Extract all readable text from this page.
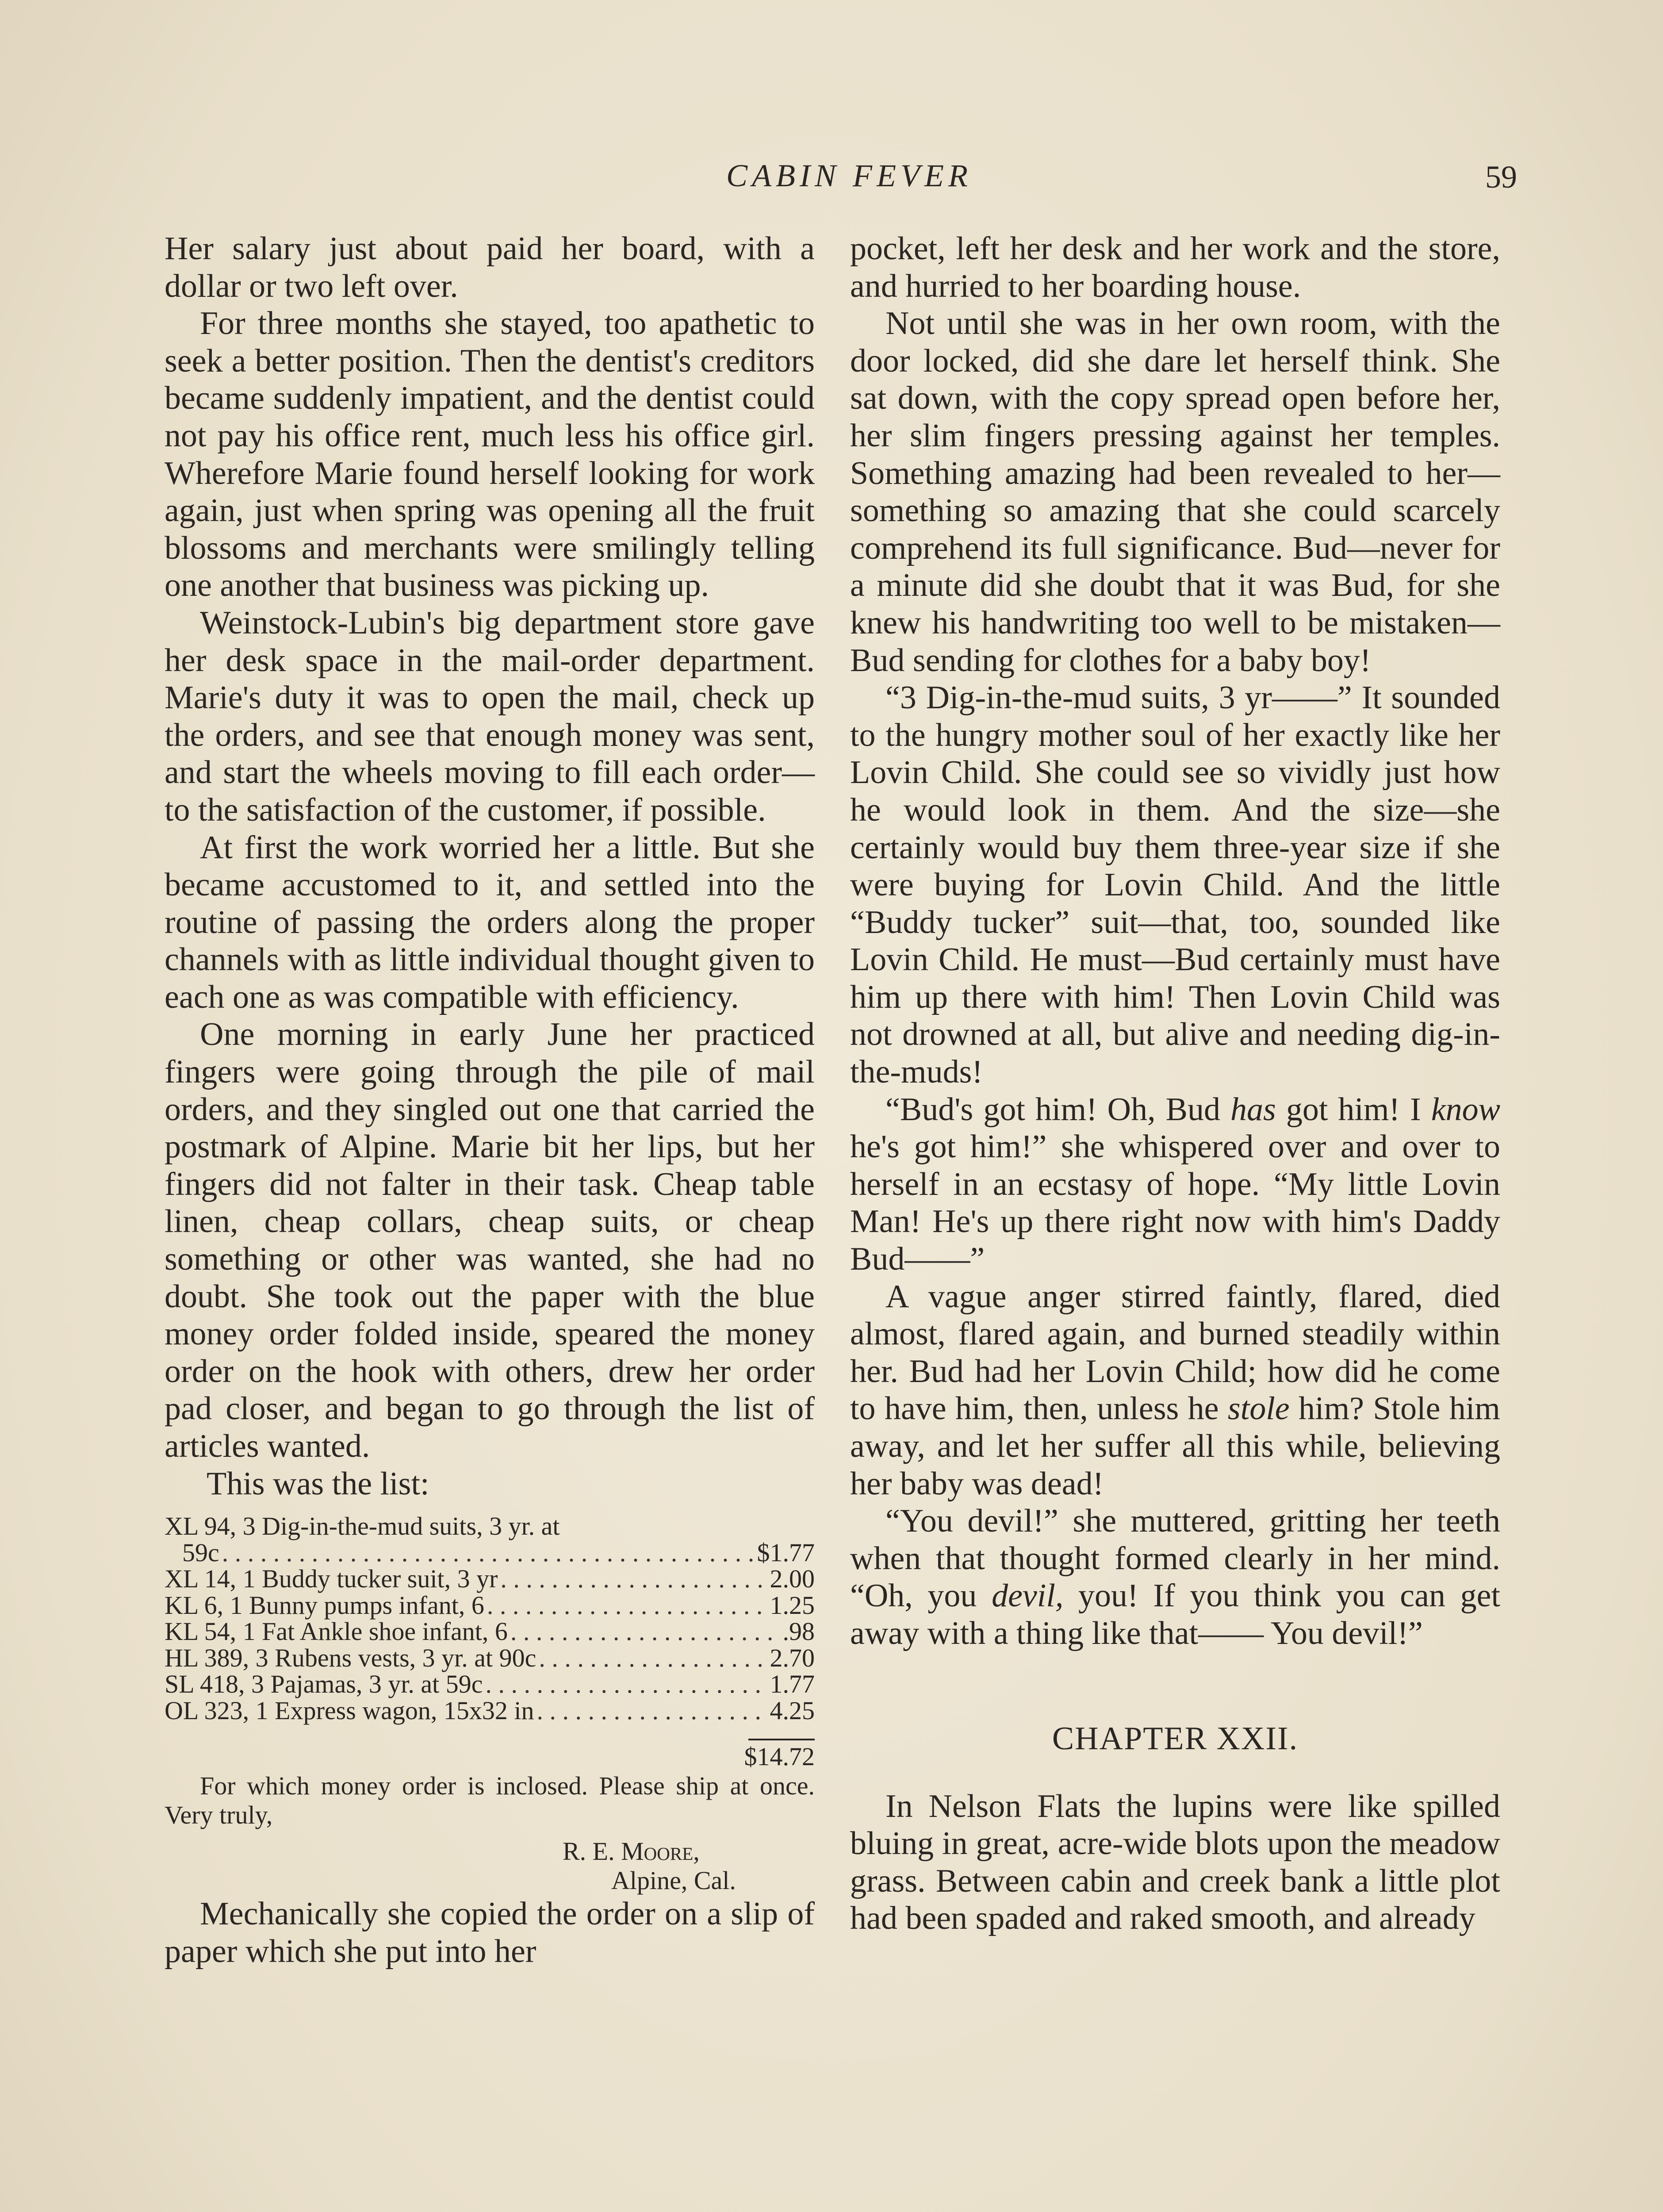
CABIN FEVER	59

Her salary just about paid her board, with a dollar or two left over.

For three months she stayed, too apathetic to seek a better position. Then the dentist's creditors became suddenly impatient, and the dentist could not pay his office rent, much less his office girl. Wherefore Marie found herself looking for work again, just when spring was opening all the fruit blossoms and merchants were smilingly telling one another that business was picking up.

Weinstock-Lubin's big department store gave her desk space in the mail-order department. Marie's duty it was to open the mail, check up the orders, and see that enough money was sent, and start the wheels moving to fill each order—to the satisfaction of the customer, if possible.

At first the work worried her a little. But she became accustomed to it, and settled into the routine of passing the orders along the proper channels with as little individual thought given to each one as was compatible with efficiency.

One morning in early June her practiced fingers were going through the pile of mail orders, and they singled out one that carried the postmark of Alpine. Marie bit her lips, but her fingers did not falter in their task. Cheap table linen, cheap collars, cheap suits, or cheap something or other was wanted, she had no doubt. She took out the paper with the blue money order folded inside, speared the money order on the hook with others, drew her order pad closer, and began to go through the list of articles wanted.

This was the list:

XL 94, 3 Dig-in-the-mud suits, 3 yr. at
59c . . .	$1.77
XL 14, 1 Buddy tucker suit, 3 yr . . .	2.00
KL 6, 1 Bunny pumps infant, 6 . . .	1.25
KL 54, 1 Fat Ankle shoe infant, 6 . . .	.98
HL 389, 3 Rubens vests, 3 yr. at 90c . . .	2.70
SL 418, 3 Pajamas, 3 yr. at 59c . . .	1.77
OL 323, 1 Express wagon, 15x32 in . . .	4.25
$14.72

For which money order is inclosed. Please ship at once. Very truly,

R. E. Moore,
Alpine, Cal.

Mechanically she copied the order on a slip of paper which she put into her

pocket, left her desk and her work and the store, and hurried to her boarding house.

Not until she was in her own room, with the door locked, did she dare let herself think. She sat down, with the copy spread open before her, her slim fingers pressing against her temples. Something amazing had been revealed to her—something so amazing that she could scarcely comprehend its full significance. Bud—never for a minute did she doubt that it was Bud, for she knew his handwriting too well to be mistaken—Bud sending for clothes for a baby boy!

“3 Dig-in-the-mud suits, 3 yr——” It sounded to the hungry mother soul of her exactly like her Lovin Child. She could see so vividly just how he would look in them. And the size—she certainly would buy them three-year size if she were buying for Lovin Child. And the little “Buddy tucker” suit—that, too, sounded like Lovin Child. He must—Bud certainly must have him up there with him! Then Lovin Child was not drowned at all, but alive and needing dig-in-the-muds!

“Bud's got him! Oh, Bud has got him! I know he's got him!” she whispered over and over to herself in an ecstasy of hope. “My little Lovin Man! He's up there right now with him's Daddy Bud——”

A vague anger stirred faintly, flared, died almost, flared again, and burned steadily within her. Bud had her Lovin Child; how did he come to have him, then, unless he stole him? Stole him away, and let her suffer all this while, believing her baby was dead!

“You devil!” she muttered, gritting her teeth when that thought formed clearly in her mind. “Oh, you devil, you! If you think you can get away with a thing like that—— You devil!”

CHAPTER XXII.

In Nelson Flats the lupins were like spilled bluing in great, acre-wide blots upon the meadow grass. Between cabin and creek bank a little plot had been spaded and raked smooth, and already
